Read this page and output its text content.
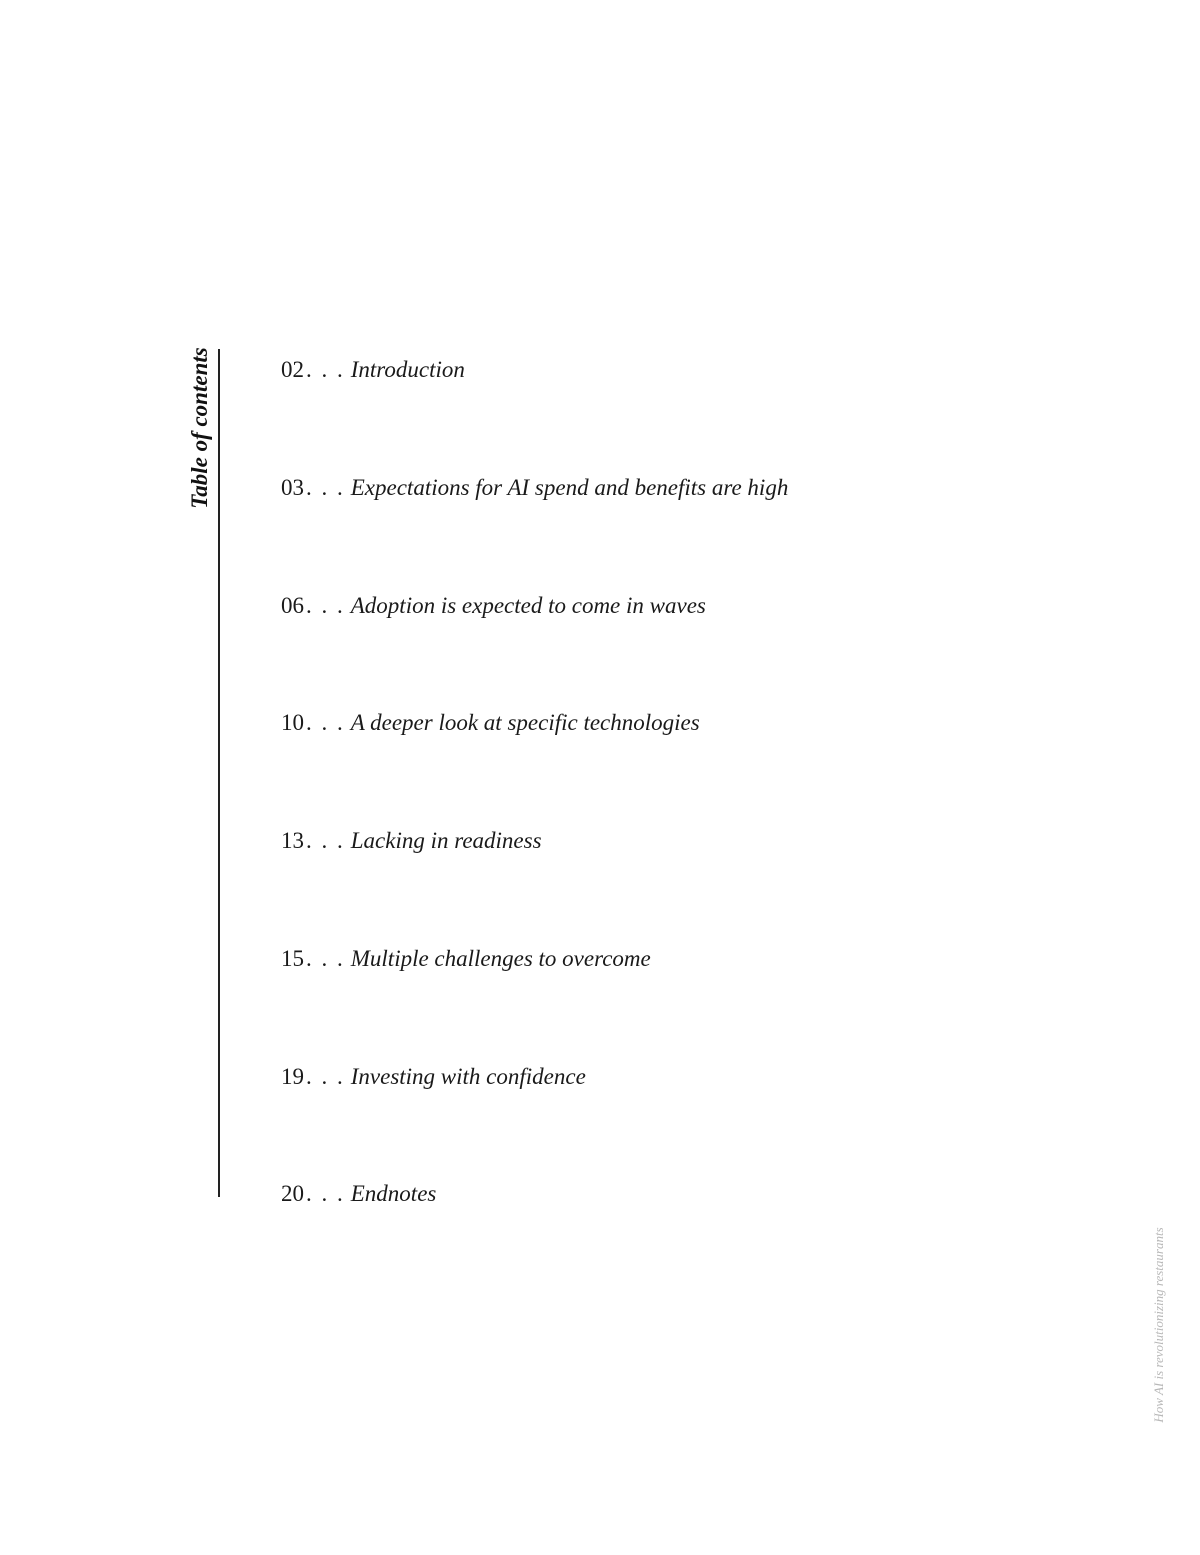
Table of contents	02. . . Introduction
03. . . Expectations for AI spend and benefits are high
06. . . Adoption is expected to come in waves
10. . . A deeper look at specific technologies
13. . . Lacking in readiness
15. . . Multiple challenges to overcome
19. . . Investing with confidence
20. . . Endnotes
How AI is revolutionizing restaurants
